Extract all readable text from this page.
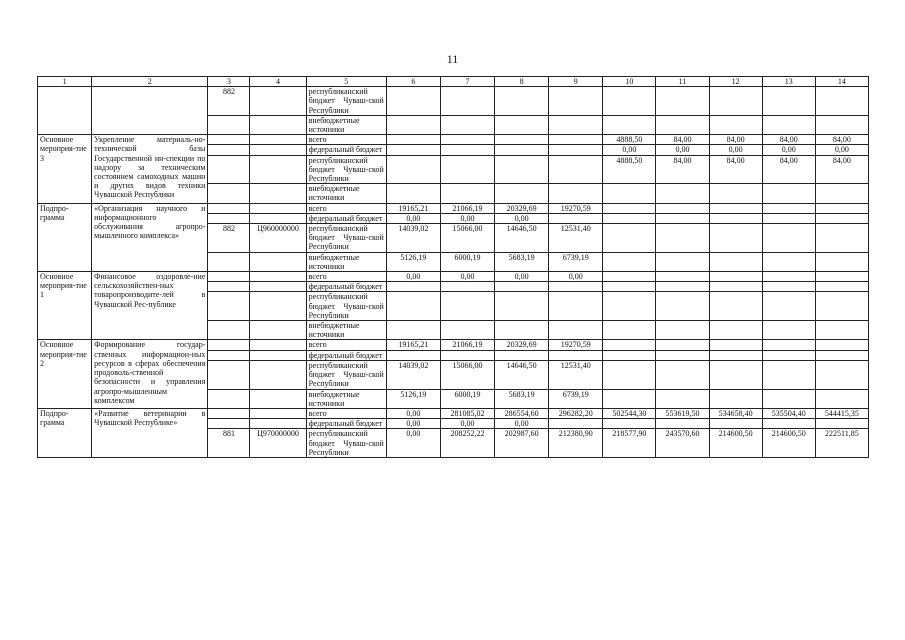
11
1	2	3	4	5	6	7	8	9	10	11	12	13	14
		882		республиканский бюджет Чуваш-ской Республики									
				внебюджетные источники									
Основное мероприя-тие 3	Укрепление материаль-но-технической базы Государственной ин-спекции по надзору за техническим состоянием самоходных машин и других видов техники Чувашской Республики			всего					4888,50	84,00	84,00	84,00	84,00
				федеральный бюджет					0,00	0,00	0,00	0,00	0,00
				республиканский бюджет Чуваш-ской Республики					4888,50	84,00	84,00	84,00	84,00
				внебюджетные источники									
Подпро-грамма	«Организация научного и информационного обслуживания агропро-мышленного комплекса»			всего	19165,21	21066,19	20329,69	19270,59					
				федеральный бюджет	0,00	0,00	0,00						
		882	Ц960000000	республиканский бюджет Чуваш-ской Республики	14039,02	15066,00	14646,50	12531,40					
				внебюджетные источники	5126,19	6000,19	5683,19	6739,19					
Основное мероприя-тие 1	Финансовое оздоровле-ние сельскохозяйствен-ных товаропроизводите-лей в Чувашской Рес-публике			всего	0,00	0,00	0,00	0,00					
				федеральный бюджет									
				республиканский бюджет Чуваш-ской Республики									
				внебюджетные источники									
Основное мероприя-тие 2	Формирование государ-ственных информацион-ных ресурсов в сферах обеспечения продоволь-ственной безопасности и управления агропро-мышленным комплексом			всего	19165,21	21066,19	20329,69	19270,59					
				федеральный бюджет									
				республиканский бюджет Чуваш-ской Республики	14039,02	15066,00	14646,50	12531,40					
				внебюджетные источники	5126,19	6000,19	5683,19	6739,19					
Подпро-грамма	«Развитие ветеринарии в Чувашской Республике»			всего	0,00	281085,02	286554,60	296282,20	502544,30	553619,50	534658,40	535504,40	544415,35
				федеральный бюджет	0,00	0,00	0,00						
		881	Ц970000000	республиканский бюджет Чуваш-ской Республики	0,00	208252,22	202987,60	212380,90	218577,90	243570,60	214600,50	214600,50	222511,85
